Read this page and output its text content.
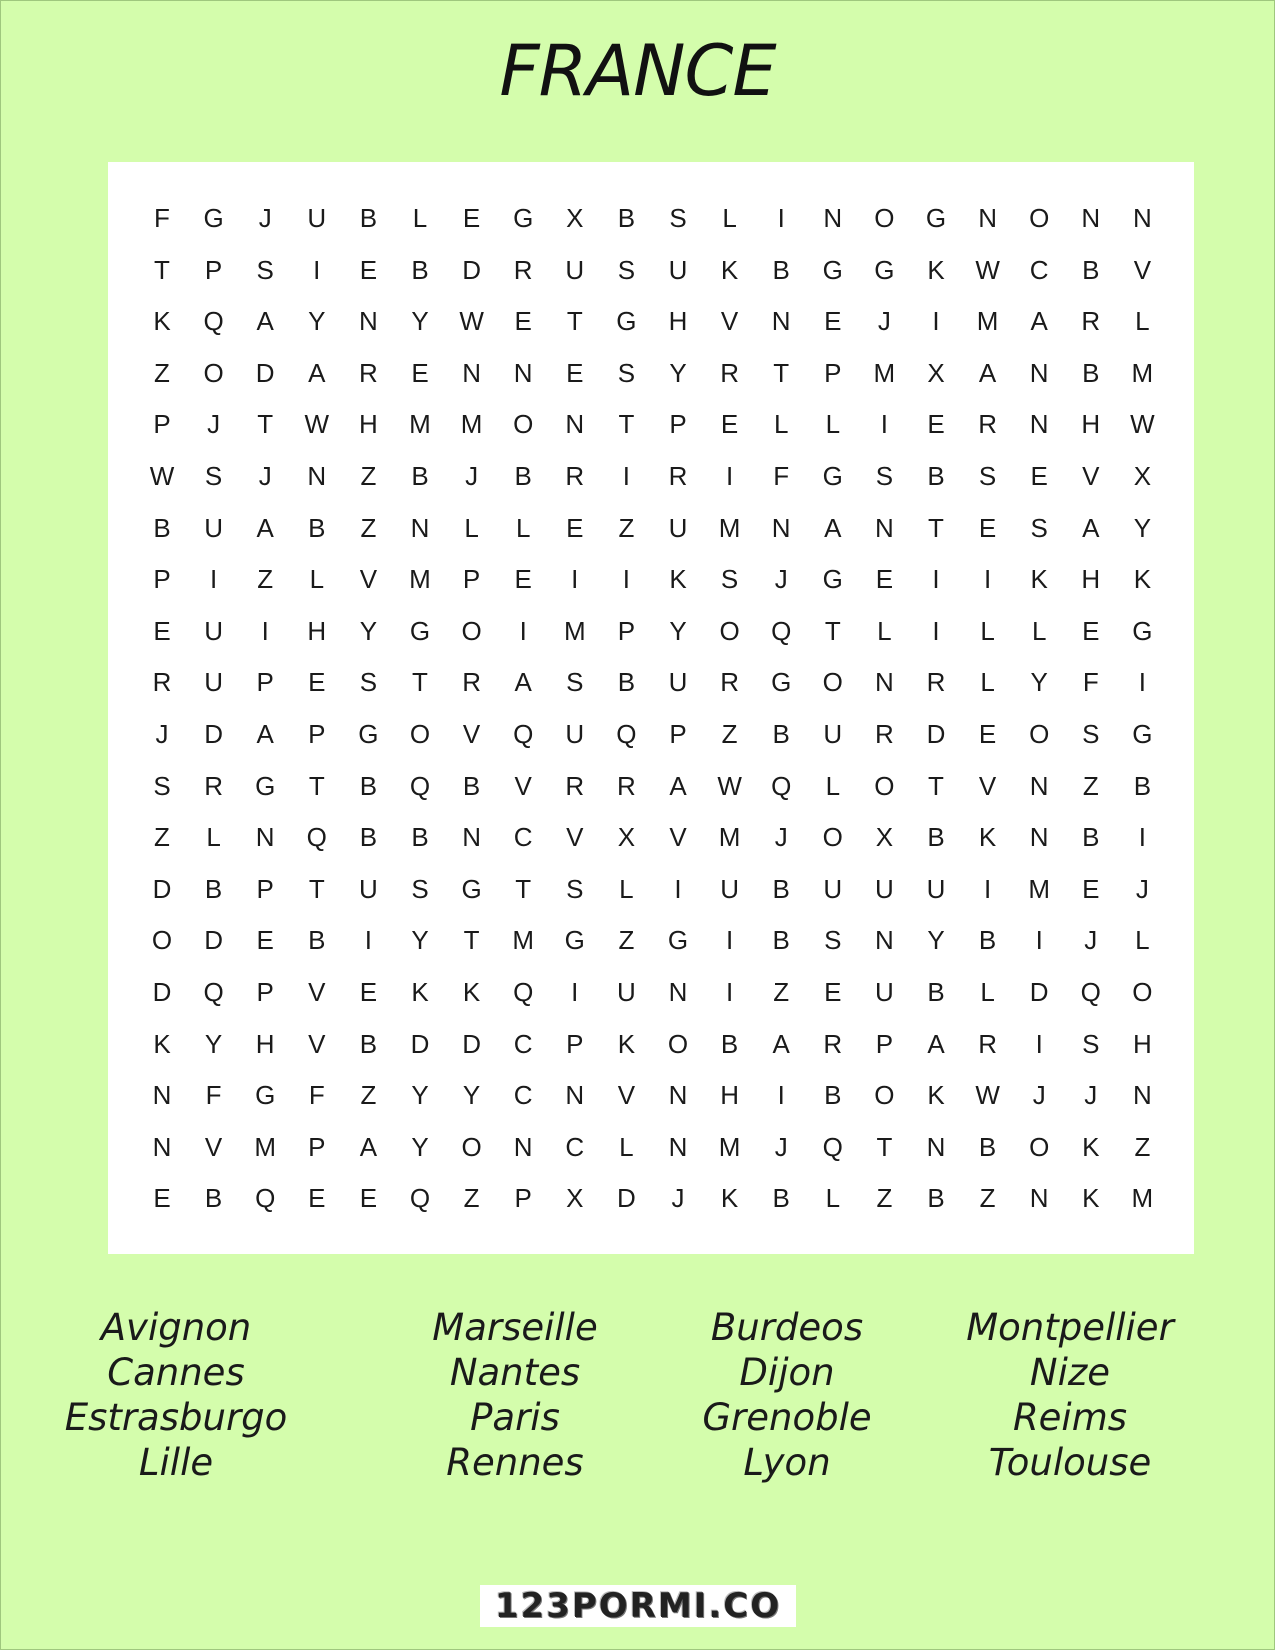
FRANCE
F	G	J	U	B	L	E	G	X	B	S	L	I	N	O	G	N	O	N	N
T	P	S	I	E	B	D	R	U	S	U	K	B	G	G	K	W	C	B	V
K	Q	A	Y	N	Y	W	E	T	G	H	V	N	E	J	I	M	A	R	L
Z	O	D	A	R	E	N	N	E	S	Y	R	T	P	M	X	A	N	B	M
P	J	T	W	H	M	M	O	N	T	P	E	L	L	I	E	R	N	H	W
W	S	J	N	Z	B	J	B	R	I	R	I	F	G	S	B	S	E	V	X
B	U	A	B	Z	N	L	L	E	Z	U	M	N	A	N	T	E	S	A	Y
P	I	Z	L	V	M	P	E	I	I	K	S	J	G	E	I	I	K	H	K
E	U	I	H	Y	G	O	I	M	P	Y	O	Q	T	L	I	L	L	E	G
R	U	P	E	S	T	R	A	S	B	U	R	G	O	N	R	L	Y	F	I
J	D	A	P	G	O	V	Q	U	Q	P	Z	B	U	R	D	E	O	S	G
S	R	G	T	B	Q	B	V	R	R	A	W	Q	L	O	T	V	N	Z	B
Z	L	N	Q	B	B	N	C	V	X	V	M	J	O	X	B	K	N	B	I
D	B	P	T	U	S	G	T	S	L	I	U	B	U	U	U	I	M	E	J
O	D	E	B	I	Y	T	M	G	Z	G	I	B	S	N	Y	B	I	J	L
D	Q	P	V	E	K	K	Q	I	U	N	I	Z	E	U	B	L	D	Q	O
K	Y	H	V	B	D	D	C	P	K	O	B	A	R	P	A	R	I	S	H
N	F	G	F	Z	Y	Y	C	N	V	N	H	I	B	O	K	W	J	J	N
N	V	M	P	A	Y	O	N	C	L	N	M	J	Q	T	N	B	O	K	Z
E	B	Q	E	E	Q	Z	P	X	D	J	K	B	L	Z	B	Z	N	K	M
Avignon
Cannes
Estrasburgo
Lille
Marseille
Nantes
Paris
Rennes
Burdeos
Dijon
Grenoble
Lyon
Montpellier
Nize
Reims
Toulouse
123PORMI.CO
